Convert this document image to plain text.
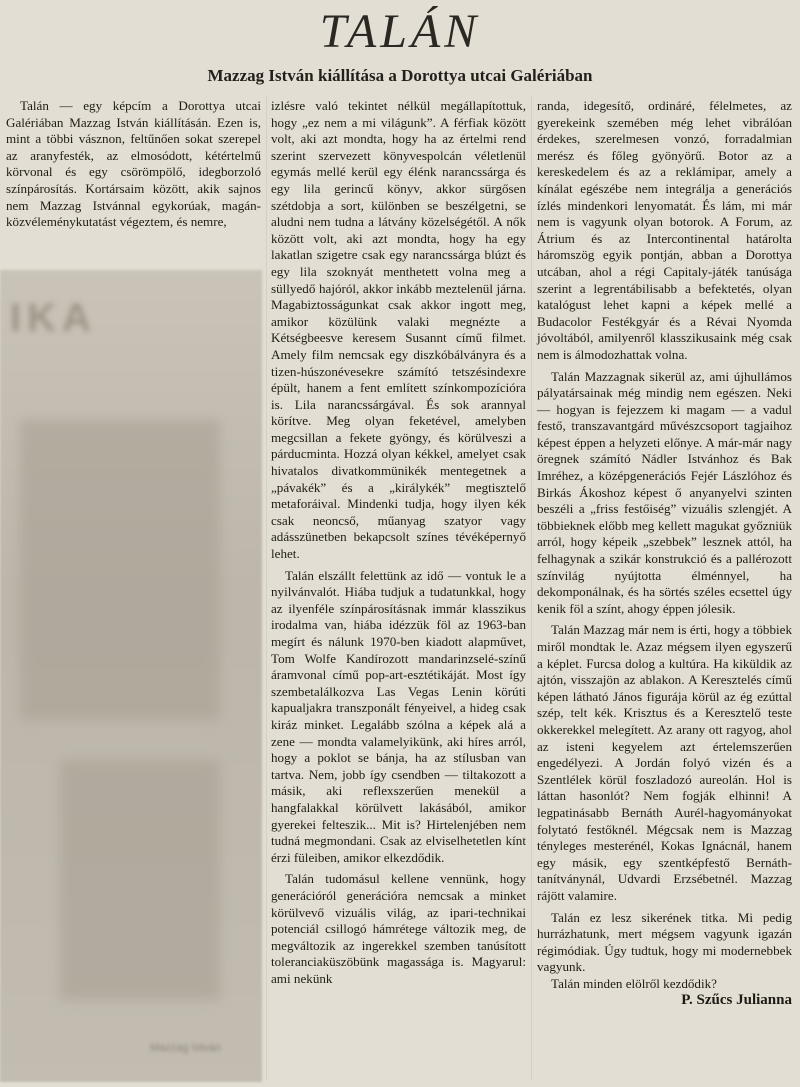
TALÁN
Mazzag István kiállítása a Dorottya utcai Galériában

Talán — egy képcím a Dorottya utcai Galériában Mazzag István kiállításán. Ezen is, mint a többi vásznon, feltűnően sokat szerepel az aranyfesték, az elmosódott, kétértelmű körvonal és egy csörömpölő, idegborzoló színpárosítás. Kortársaim között, akik sajnos nem Mazzag Istvánnal egykorúak, magán-közvéleménykutatást végeztem, és nemre,

IKA
Mazzag István

izlésre való tekintet nélkül megállapítottuk, hogy „ez nem a mi világunk”. A férfiak között volt, aki azt mondta, hogy ha az értelmi rend szerint szervezett könyvespolcán véletlenül egymás mellé kerül egy élénk narancssárga és egy lila gerincű könyv, akkor sürgősen szétdobja a sort, különben se beszélgetni, se aludni nem tudna a látvány közelségétől. A nők között volt, aki azt mondta, hogy ha egy lakatlan szigetre csak egy narancssárga blúzt és egy lila szoknyát menthetett volna meg a süllyedő hajóról, akkor inkább meztelenül járna. Magabiztosságunkat csak akkor ingott meg, amikor közülünk valaki megnézte a Kétségbeesve keresem Susannt című filmet. Amely film nemcsak egy diszkóbálványra és a tizen-húszonévesekre számító tetszésindexre épült, hanem a fent említett színkompozícióra is. Lila narancssárgával. És sok arannyal körítve. Meg olyan feketével, amelyben megcsillan a fekete gyöngy, és körülveszi a párducminta. Hozzá olyan kékkel, amelyet csak hivatalos divatkommünikék mentegetnek a „pávakék” és a „királykék” megtisztelő metaforáival. Mindenki tudja, hogy ilyen kék csak neoncső, műanyag szatyor vagy adásszünetben bekapcsolt színes tévéképernyő lehet.

Talán elszállt felettünk az idő — vontuk le a nyilvánvalót. Hiába tudjuk a tudatunkkal, hogy az ilyenféle színpárosításnak immár klasszikus irodalma van, hiába idézzük föl az 1963-ban megírt és nálunk 1970-ben kiadott alapművet, Tom Wolfe Kandírozott mandarinzselé-színű áramvonal című pop-art-esztétikáját. Most így szembetalálkozva Las Vegas Lenin körúti kapualjakra transzponált fényeivel, a hideg csak kiráz minket. Legalább szólna a képek alá a zene — mondta valamelyikünk, aki híres arról, hogy a poklot se bánja, ha az stílusban van tartva. Nem, jobb így csendben — tiltakozott a másik, aki reflexszerűen menekül a hangfalakkal körülvett lakásából, amikor gyerekei felteszik... Mit is? Hirtelenjében nem tudná megmondani. Csak az elviselhetetlen kínt érzi füleiben, amikor elkezdődik.

Talán tudomásul kellene vennünk, hogy generációról generációra nemcsak a minket körülvevő vizuális világ, az ipari-technikai potenciál csillogó hámrétege változik meg, de megváltozik az ingerekkel szemben tanúsított toleranciaküszöbünk magassága is. Magyarul: ami nekünk

randa, idegesítő, ordináré, félelmetes, az gyerekeink szemében még lehet vibrálóan érdekes, szerelmesen vonzó, forradalmian merész és főleg gyönyörű. Botor az a kereskedelem és az a reklámipar, amely a kínálat egészébe nem integrálja a generációs ízlés mindenkori lenyomatát. És lám, mi már nem is vagyunk olyan botorok. A Forum, az Átrium és az Intercontinental határolta háromszög egyik pontján, abban a Dorottya utcában, ahol a régi Capitaly-játék tanúsága szerint a legrentábilisabb a befektetés, olyan katalógust lehet kapni a képek mellé a Budacolor Festékgyár és a Révai Nyomda jóvoltából, amilyenről klasszikusaink még csak nem is álmodozhattak volna.

Talán Mazzagnak sikerül az, ami újhullámos pályatársainak még mindig nem egészen. Neki — hogyan is fejezzem ki magam — a vadul festő, transzavantgárd művészcsoport tagjaihoz képest éppen a helyzeti előnye. A már-már nagy öregnek számító Nádler Istvánhoz és Bak Imréhez, a középgenerációs Fejér Lászlóhoz és Birkás Ákoshoz képest ő anyanyelvi szinten beszéli a „friss festőiség” vizuális szlengjét. A többieknek előbb meg kellett magukat győzniük arról, hogy képeik „szebbek” lesznek attól, ha felhagynak a szikár konstrukció és a pallérozott színvilág nyújtotta élménnyel, ha dekomponálnak, és ha sörtés széles ecsettel úgy kenik föl a színt, ahogy éppen jólesik.

Talán Mazzag már nem is érti, hogy a többiek miről mondtak le. Azaz mégsem ilyen egyszerű a képlet. Furcsa dolog a kultúra. Ha kiküldik az ajtón, visszajön az ablakon. A Keresztelés című képen látható János figurája körül az ég ezúttal szép, telt kék. Krisztus és a Keresztelő teste okkerekkel melegített. Az arany ott ragyog, ahol az isteni kegyelem azt értelemszerűen engedélyezi. A Jordán folyó vizén és a Szentlélek körül foszladozó aureolán. Hol is láttan hasonlót? Nem fogják elhinni! A legpatinásabb Bernáth Aurél-hagyományokat folytató festőknél. Mégcsak nem is Mazzag tényleges mesterénél, Kokas Ignácnál, hanem egy másik, egy szentképfestő Bernáth-tanítványnál, Udvardi Erzsébetnél. Mazzag rájött valamire.

Talán ez lesz sikerének titka. Mi pedig hurrázhatunk, mert mégsem vagyunk igazán régimódiak. Úgy tudtuk, hogy mi modernebbek vagyunk.

Talán minden elölről kezdődik?

P. Szűcs Julianna
